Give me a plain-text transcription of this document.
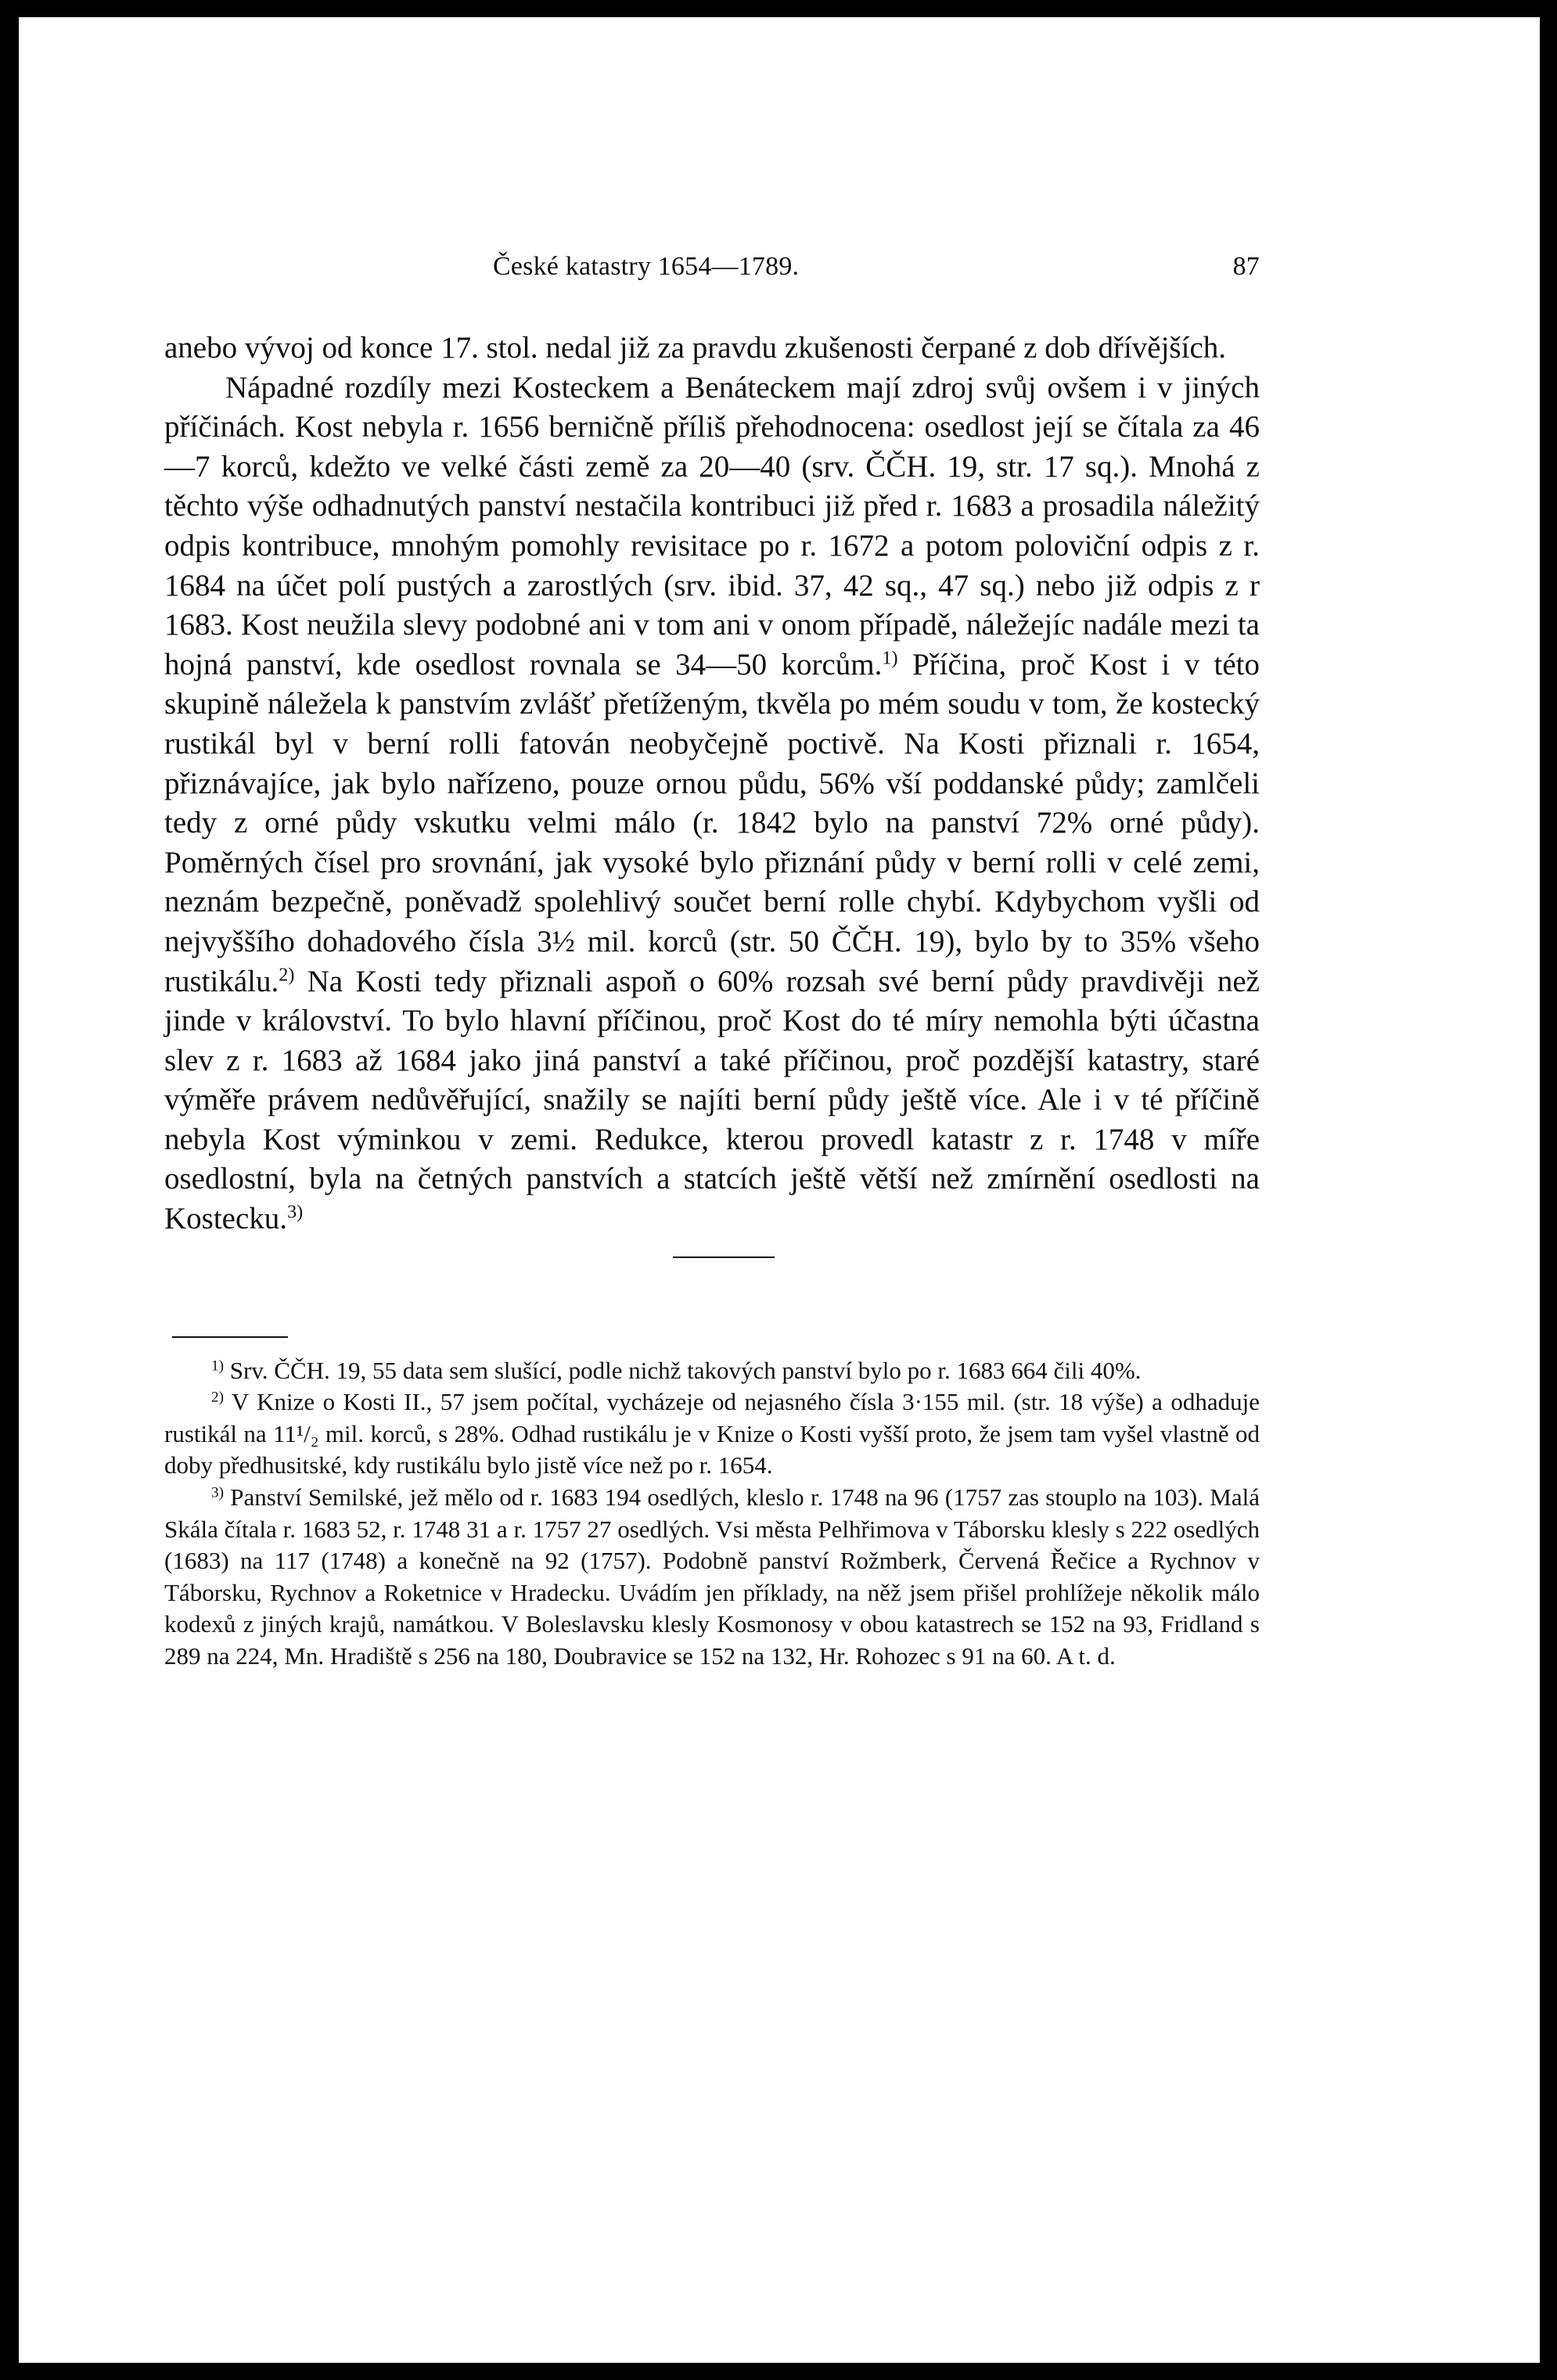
České katastry 1654—1789.	87

anebo vývoj od konce 17. stol. nedal již za pravdu zkušenosti čerpané z dob dřívějších.

Nápadné rozdíly mezi Kosteckem a Benáteckem mají zdroj svůj ovšem i v jiných příčinách. Kost nebyla r. 1656 berničně příliš přehodnocena: osedlost její se čítala za 46—7 korců, kdežto ve velké části země za 20—40 (srv. ČČH. 19, str. 17 sq.). Mnohá z těchto výše odhadnutých panství nestačila kontribuci již před r. 1683 a prosadila náležitý odpis kontribuce, mnohým pomohly revisitace po r. 1672 a potom poloviční odpis z r. 1684 na účet polí pustých a zarostlých (srv. ibid. 37, 42 sq., 47 sq.) nebo již odpis z r 1683. Kost neužila slevy podobné ani v tom ani v onom případě, náležejíc nadále mezi ta hojná panství, kde osedlost rovnala se 34—50 korcům.$^{1)}$ Příčina, proč Kost i v této skupině náležela k panstvím zvlášť přetíženým, tkvěla po mém soudu v tom, že kostecký rustikál byl v berní rolli fatován neobyčejně poctivě. Na Kosti přiznali r. 1654, přiznávajíce, jak bylo nařízeno, pouze ornou půdu, 56% vší poddanské půdy; zamlčeli tedy z orné půdy vskutku velmi málo (r. 1842 bylo na panství 72% orné půdy). Poměrných čísel pro srovnání, jak vysoké bylo přiznání půdy v berní rolli v celé zemi, neznám bezpečně, poněvadž spolehlivý součet berní rolle chybí. Kdybychom vyšli od nejvyššího dohadového čísla 3½ mil. korců (str. 50 ČČH. 19), bylo by to 35% všeho rustikálu.$^{2)}$ Na Kosti tedy přiznali aspoň o 60% rozsah své berní půdy pravdivěji než jinde v království. To bylo hlavní příčinou, proč Kost do té míry nemohla býti účastna slev z r. 1683 až 1684 jako jiná panství a také příčinou, proč pozdější katastry, staré výměře právem nedůvěřující, snažily se najíti berní půdy ještě více. Ale i v té příčině nebyla Kost výminkou v zemi. Redukce, kterou provedl katastr z r. 1748 v míře osedlostní, byla na četných panstvích a statcích ještě větší než zmírnění osedlosti na Kostecku.$^{3)}$

$^{1)}$ Srv. ČČH. 19, 55 data sem slušící, podle nichž takových panství bylo po r. 1683 664 čili 40%.

$^{2)}$ V Knize o Kosti II., 57 jsem počítal, vycházeje od nejasného čísla 3·155 mil. (str. 18 výše) a odhaduje rustikál na 11¹/₂ mil. korců, s 28%. Odhad rustikálu je v Knize o Kosti vyšší proto, že jsem tam vyšel vlastně od doby předhusitské, kdy rustikálu bylo jistě více než po r. 1654.

$^{3)}$ Panství Semilské, jež mělo od r. 1683 194 osedlých, kleslo r. 1748 na 96 (1757 zas stouplo na 103). Malá Skála čítala r. 1683 52, r. 1748 31 a r. 1757 27 osedlých. Vsi města Pelhřimova v Táborsku klesly s 222 osedlých (1683) na 117 (1748) a konečně na 92 (1757). Podobně panství Rožmberk, Červená Řečice a Rychnov v Táborsku, Rychnov a Roketnice v Hradecku. Uvádím jen příklady, na něž jsem přišel prohlížeje několik málo kodexů z jiných krajů, namátkou. V Boleslavsku klesly Kosmonosy v obou katastrech se 152 na 93, Fridland s 289 na 224, Mn. Hradiště s 256 na 180, Doubravice se 152 na 132, Hr. Rohozec s 91 na 60. A t. d.
